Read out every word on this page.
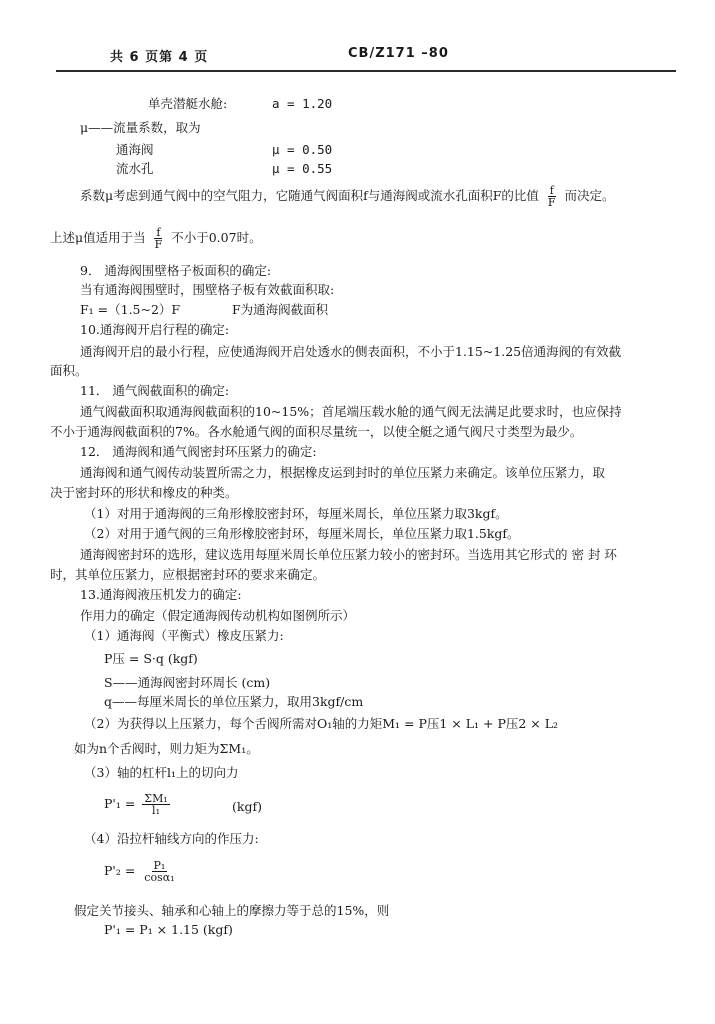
共 6 页第 4 页	CB/Z171 –80
单壳潜艇水舱:	a = 1.20
μ——流量系数，取为
通海阀	μ = 0.50
流水孔	μ = 0.55
系数μ考虑到通气阀中的空气阻力，它随通气阀面积f与通海阀或流水孔面积F的比值 $\frac{f}{F}$ 而决定。
上述μ值适用于当 $\frac{f}{F}$ 不小于0.07时。
9． 通海阀围壁格子板面积的确定:
当有通海阀围壁时，围壁格子板有效截面积取:
F₁ =（1.5~2）F	F为通海阀截面积
10.通海阀开启行程的确定:
通海阀开启的最小行程，应使通海阀开启处透水的侧表面积，不小于1.15~1.25倍通海阀的有效截
面积。
11． 通气阀截面积的确定:
通气阀截面积取通海阀截面积的10~15%；首尾端压载水舱的通气阀无法满足此要求时，也应保持
不小于通海阀截面积的7%。各水舱通气阀的面积尽量统一，以使全艇之通气阀尺寸类型为最少。
12． 通海阀和通气阀密封环压紧力的确定:
通海阀和通气阀传动装置所需之力，根据橡皮运到封时的单位压紧力来确定。该单位压紧力，取
决于密封环的形状和橡皮的种类。
（1）对用于通海阀的三角形橡胶密封环，每厘米周长，单位压紧力取3kgf。
（2）对用于通气阀的三角形橡胶密封环，每厘米周长，单位压紧力取1.5kgf。
通海阀密封环的选形，建议选用每厘米周长单位压紧力较小的密封环。当选用其它形式的 密 封 环
时，其单位压紧力，应根据密封环的要求来确定。
13.通海阀液压机发力的确定:
作用力的确定（假定通海阀传动机构如图例所示）
（1）通海阀（平衡式）橡皮压紧力:
P压 = S·q (kgf)
S——通海阀密封环周长 (cm)
q——每厘米周长的单位压紧力，取用3kgf/cm
（2）为获得以上压紧力，每个舌阀所需对O₁轴的力矩M₁ = P压1 × L₁ + P压2 × L₂
如为n个舌阀时，则力矩为ΣM₁。
（3）轴的杠杆l₁上的切向力
$P'_1 = \frac{\text{ΣM₁}}{\text{l₁}}$	(kgf)
（4）沿拉杆轴线方向的作压力:
$P'_2 = \frac{\text{P₁}}{\text{cosα₁}}$
假定关节接头、轴承和心轴上的摩擦力等于总的15%，则
P'₁ = P₁ × 1.15 (kgf)
